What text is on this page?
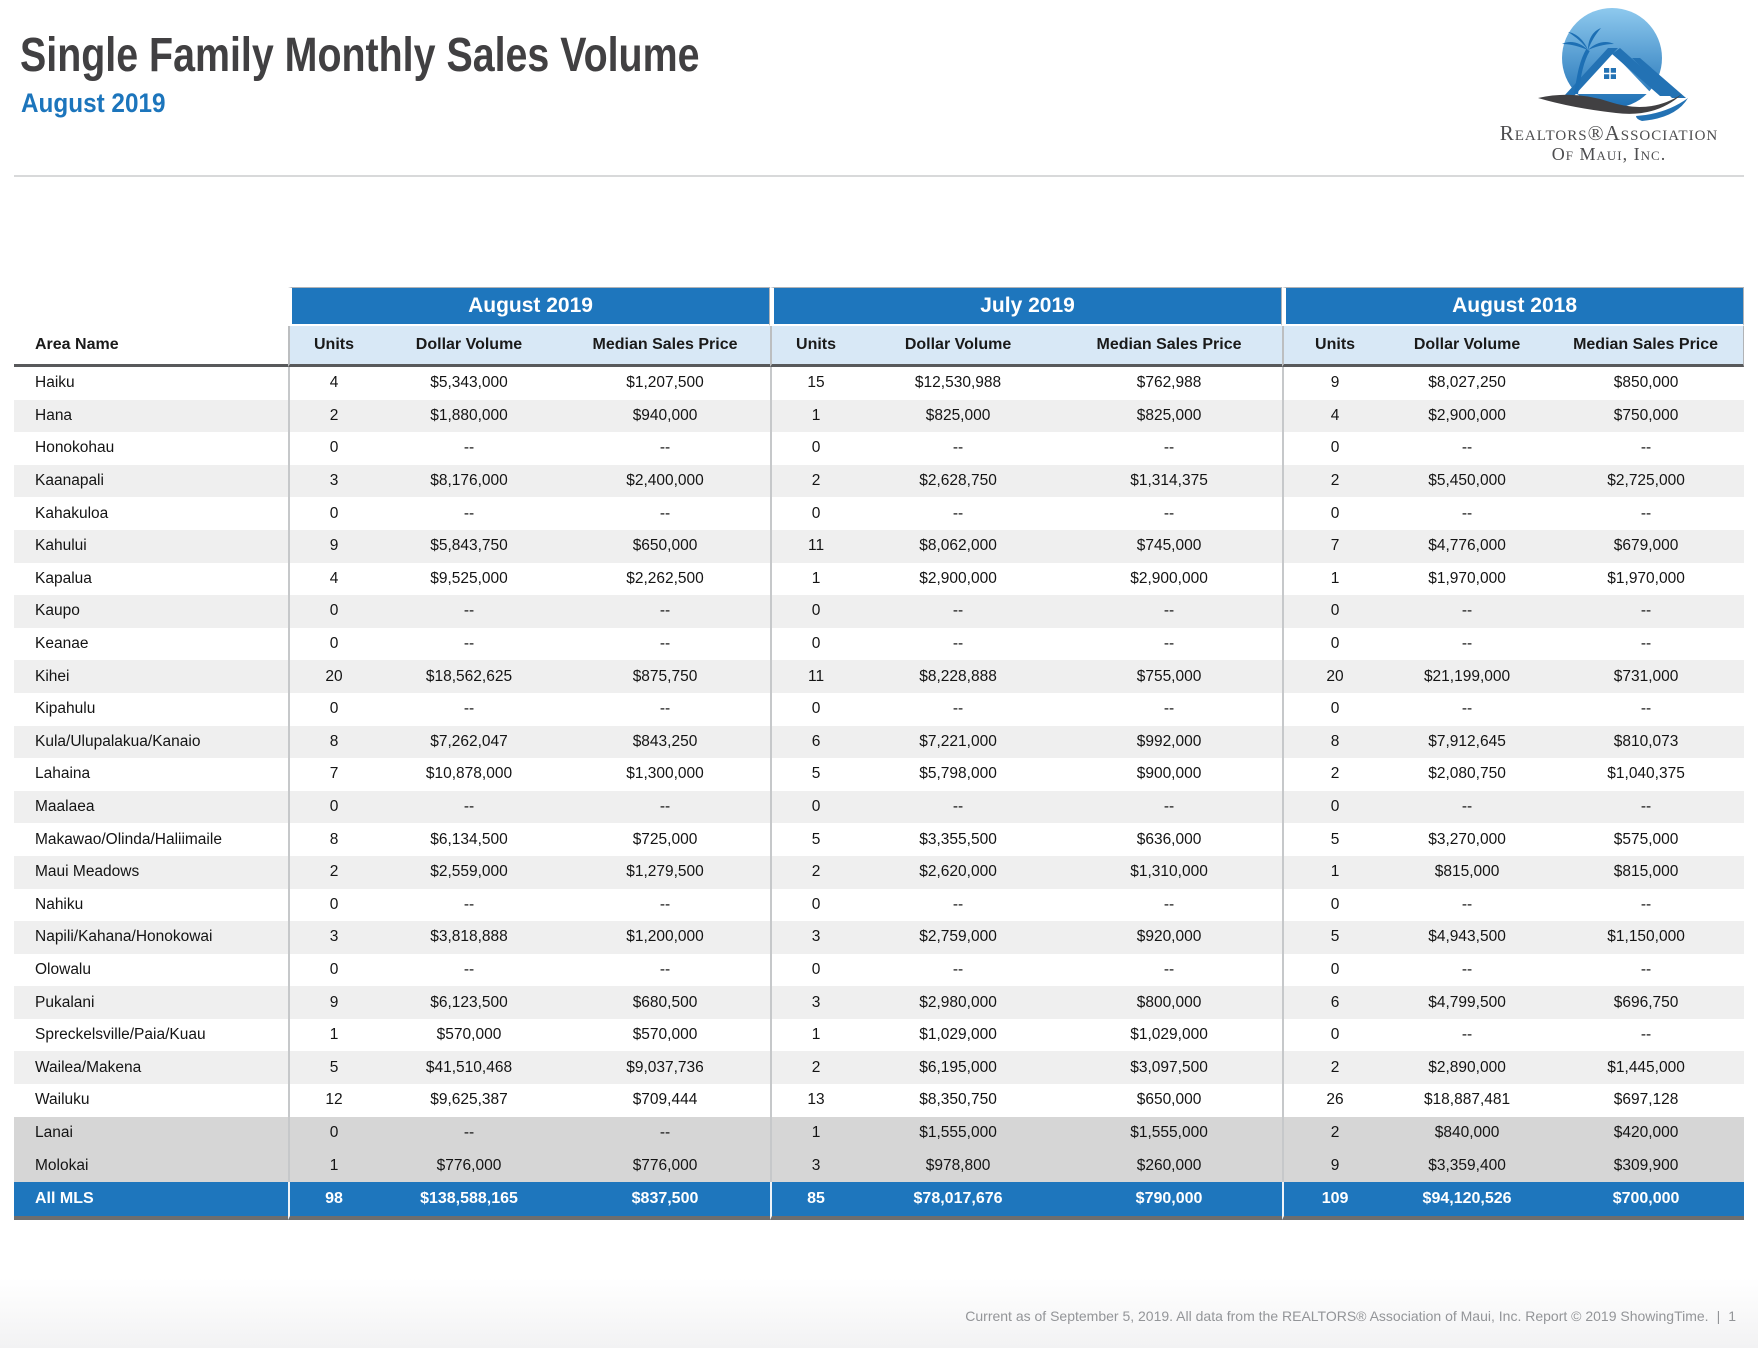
Single Family Monthly Sales Volume
August 2019
Realtors®Association
Of Maui, Inc.
	August 2019			July 2019			August 2018		
Area Name	Units	Dollar Volume	Median Sales Price	Units	Dollar Volume	Median Sales Price	Units	Dollar Volume	Median Sales Price
Haiku	4	$5,343,000	$1,207,500	15	$12,530,988	$762,988	9	$8,027,250	$850,000
Hana	2	$1,880,000	$940,000	1	$825,000	$825,000	4	$2,900,000	$750,000
Honokohau	0	--	--	0	--	--	0	--	--
Kaanapali	3	$8,176,000	$2,400,000	2	$2,628,750	$1,314,375	2	$5,450,000	$2,725,000
Kahakuloa	0	--	--	0	--	--	0	--	--
Kahului	9	$5,843,750	$650,000	11	$8,062,000	$745,000	7	$4,776,000	$679,000
Kapalua	4	$9,525,000	$2,262,500	1	$2,900,000	$2,900,000	1	$1,970,000	$1,970,000
Kaupo	0	--	--	0	--	--	0	--	--
Keanae	0	--	--	0	--	--	0	--	--
Kihei	20	$18,562,625	$875,750	11	$8,228,888	$755,000	20	$21,199,000	$731,000
Kipahulu	0	--	--	0	--	--	0	--	--
Kula/Ulupalakua/Kanaio	8	$7,262,047	$843,250	6	$7,221,000	$992,000	8	$7,912,645	$810,073
Lahaina	7	$10,878,000	$1,300,000	5	$5,798,000	$900,000	2	$2,080,750	$1,040,375
Maalaea	0	--	--	0	--	--	0	--	--
Makawao/Olinda/Haliimaile	8	$6,134,500	$725,000	5	$3,355,500	$636,000	5	$3,270,000	$575,000
Maui Meadows	2	$2,559,000	$1,279,500	2	$2,620,000	$1,310,000	1	$815,000	$815,000
Nahiku	0	--	--	0	--	--	0	--	--
Napili/Kahana/Honokowai	3	$3,818,888	$1,200,000	3	$2,759,000	$920,000	5	$4,943,500	$1,150,000
Olowalu	0	--	--	0	--	--	0	--	--
Pukalani	9	$6,123,500	$680,500	3	$2,980,000	$800,000	6	$4,799,500	$696,750
Spreckelsville/Paia/Kuau	1	$570,000	$570,000	1	$1,029,000	$1,029,000	0	--	--
Wailea/Makena	5	$41,510,468	$9,037,736	2	$6,195,000	$3,097,500	2	$2,890,000	$1,445,000
Wailuku	12	$9,625,387	$709,444	13	$8,350,750	$650,000	26	$18,887,481	$697,128
Lanai	0	--	--	1	$1,555,000	$1,555,000	2	$840,000	$420,000
Molokai	1	$776,000	$776,000	3	$978,800	$260,000	9	$3,359,400	$309,900
All MLS	98	$138,588,165	$837,500	85	$78,017,676	$790,000	109	$94,120,526	$700,000
Current as of September 5, 2019. All data from the REALTORS® Association of Maui, Inc. Report © 2019 ShowingTime. | 1
